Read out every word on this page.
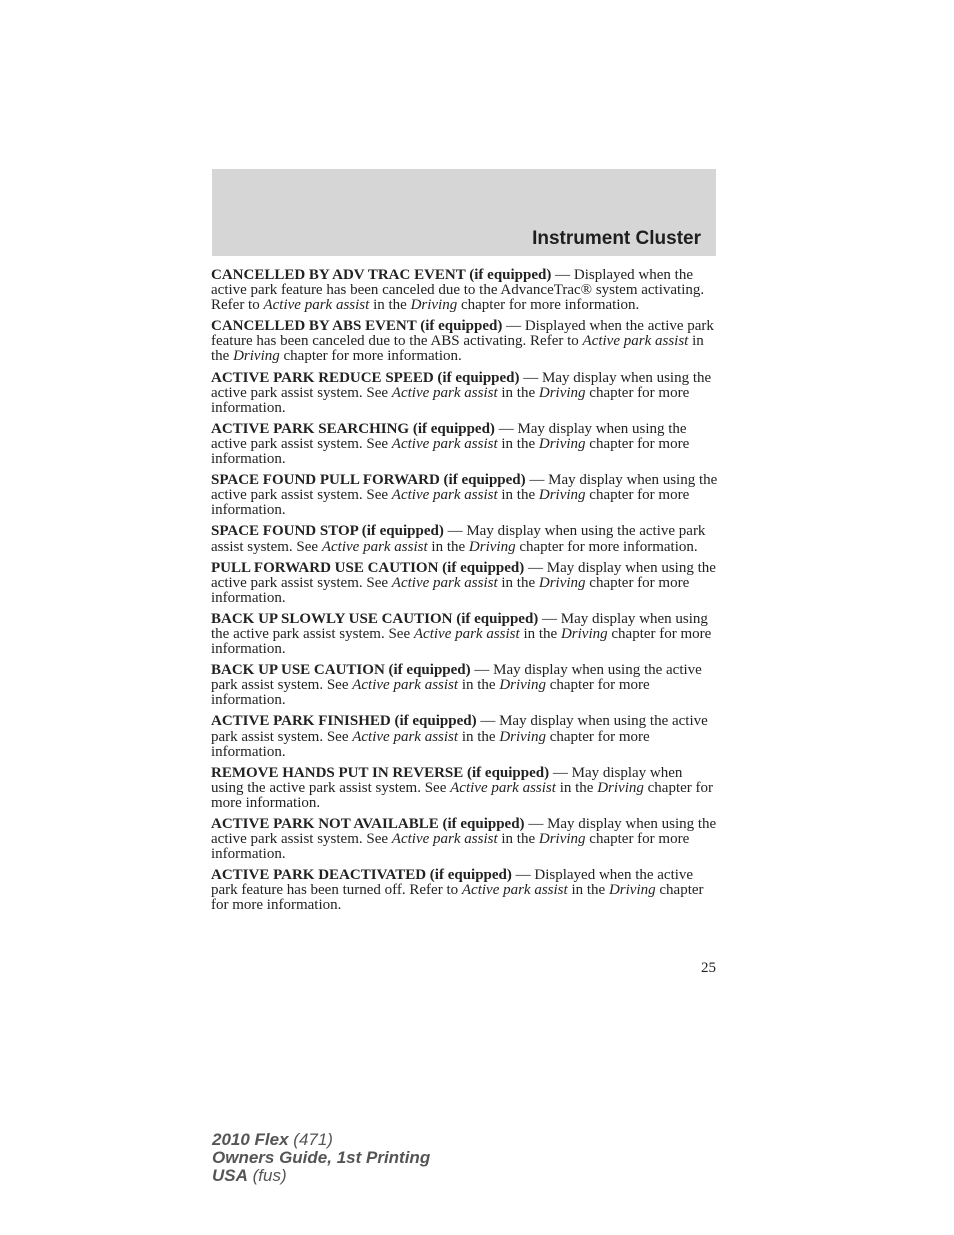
Instrument Cluster

CANCELLED BY ADV TRAC EVENT (if equipped) — Displayed when the active park feature has been canceled due to the AdvanceTrac® system activating. Refer to Active park assist in the Driving chapter for more information.

CANCELLED BY ABS EVENT (if equipped) — Displayed when the active park feature has been canceled due to the ABS activating. Refer to Active park assist in the Driving chapter for more information.

ACTIVE PARK REDUCE SPEED (if equipped) — May display when using the active park assist system. See Active park assist in the Driving chapter for more information.

ACTIVE PARK SEARCHING (if equipped) — May display when using the active park assist system. See Active park assist in the Driving chapter for more information.

SPACE FOUND PULL FORWARD (if equipped) — May display when using the active park assist system. See Active park assist in the Driving chapter for more information.

SPACE FOUND STOP (if equipped) — May display when using the active park assist system. See Active park assist in the Driving chapter for more information.

PULL FORWARD USE CAUTION (if equipped) — May display when using the active park assist system. See Active park assist in the Driving chapter for more information.

BACK UP SLOWLY USE CAUTION (if equipped) — May display when using the active park assist system. See Active park assist in the Driving chapter for more information.

BACK UP USE CAUTION (if equipped) — May display when using the active park assist system. See Active park assist in the Driving chapter for more information.

ACTIVE PARK FINISHED (if equipped) — May display when using the active park assist system. See Active park assist in the Driving chapter for more information.

REMOVE HANDS PUT IN REVERSE (if equipped) — May display when using the active park assist system. See Active park assist in the Driving chapter for more information.

ACTIVE PARK NOT AVAILABLE (if equipped) — May display when using the active park assist system. See Active park assist in the Driving chapter for more information.

ACTIVE PARK DEACTIVATED (if equipped) — Displayed when the active park feature has been turned off. Refer to Active park assist in the Driving chapter for more information.

25
2010 Flex (471)
Owners Guide, 1st Printing
USA (fus)
